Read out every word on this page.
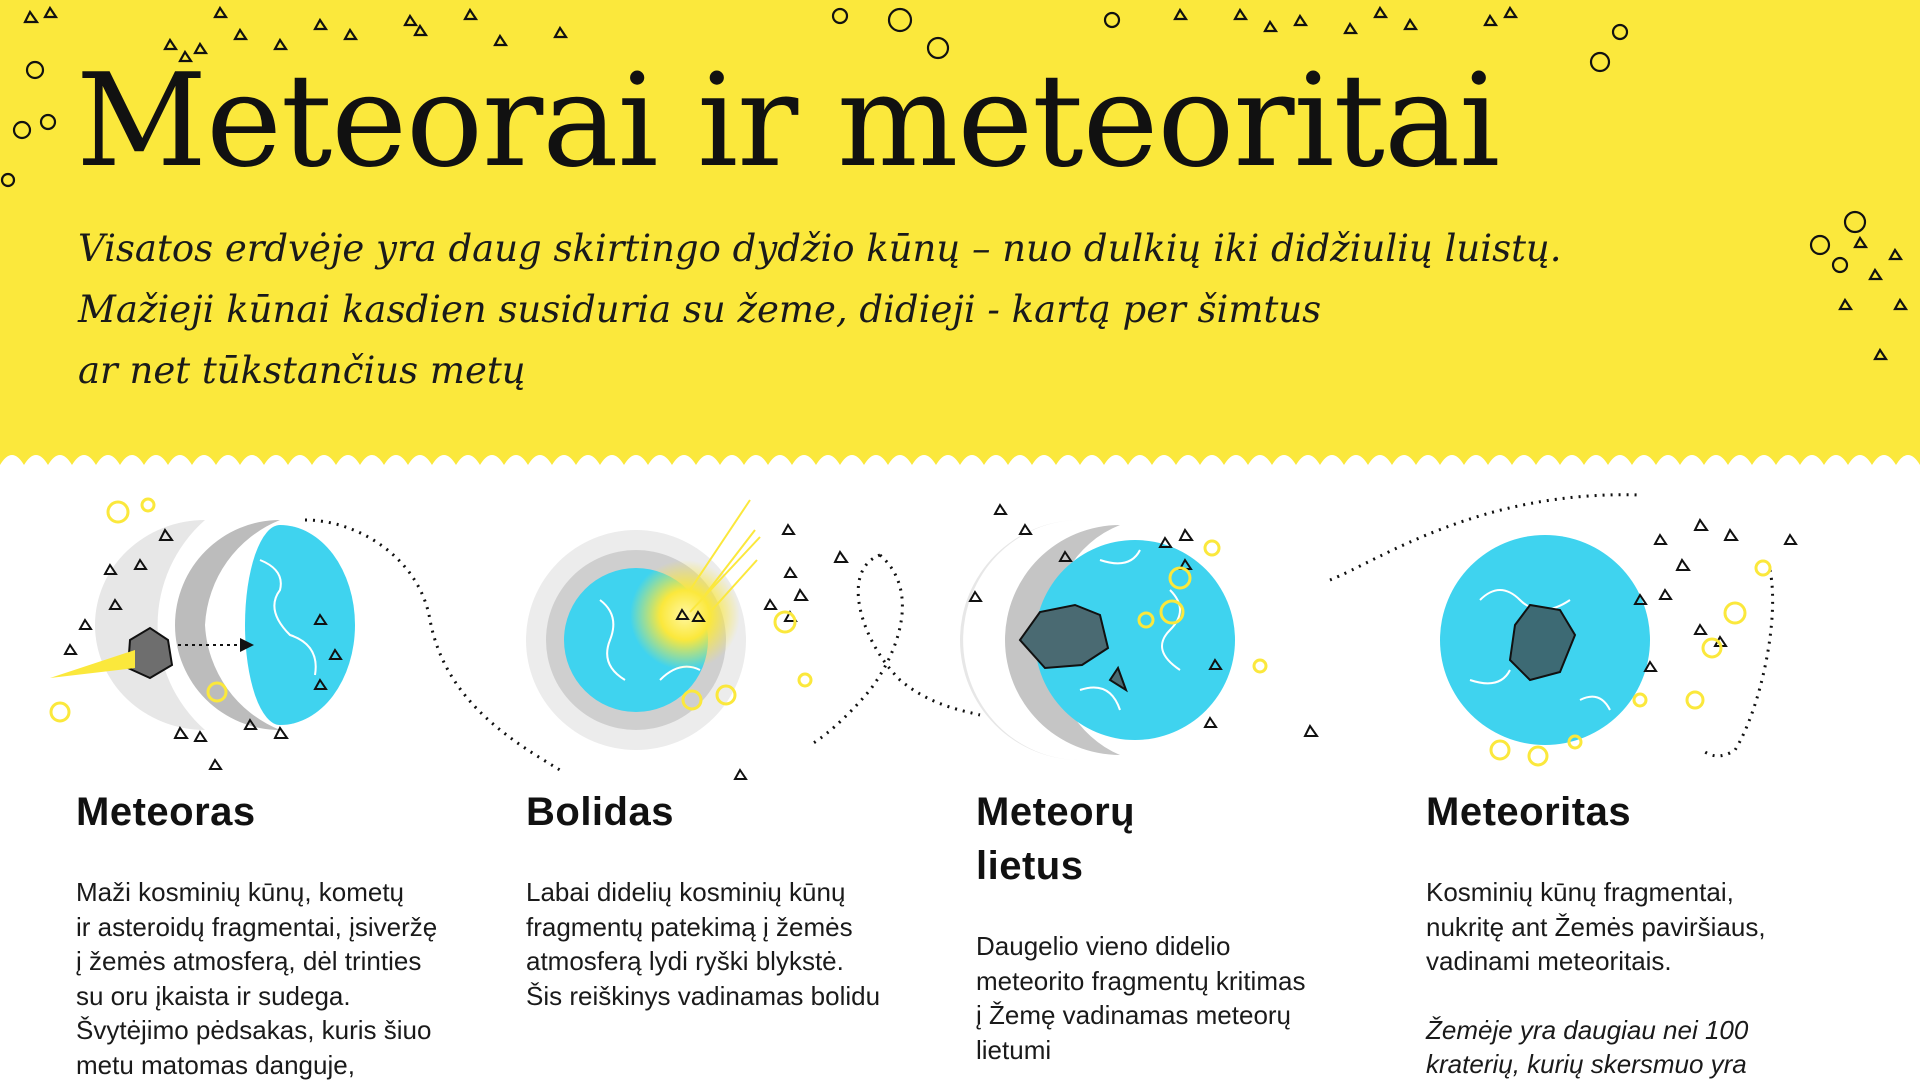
Meteorai ir meteoritai

Visatos erdvėje yra daug skirtingo dydžio kūnų – nuo dulkių iki didžiulių luistų.
Mažieji kūnai kasdien susiduria su žeme, didieji - kartą per šimtus
ar net tūkstančius metų

Meteoras

Maži kosminių kūnų, kometų
ir asteroidų fragmentai, įsiveržę
į žemės atmosferą, dėl trinties
su oru įkaista ir sudega.
Švytėjimo pėdsakas, kuris šiuo
metu matomas danguje,

Bolidas

Labai didelių kosminių kūnų
fragmentų patekimą į žemės
atmosferą lydi ryški blykstė.
Šis reiškinys vadinamas bolidu

Meteorų
lietus

Daugelio vieno didelio
meteorito fragmentų kritimas
į Žemę vadinamas meteorų
lietumi

Meteoritas

Kosminių kūnų fragmentai,
nukritę ant Žemės paviršiaus,
vadinami meteoritais.

Žemėje yra daugiau nei 100
kraterių, kurių skersmuo yra
